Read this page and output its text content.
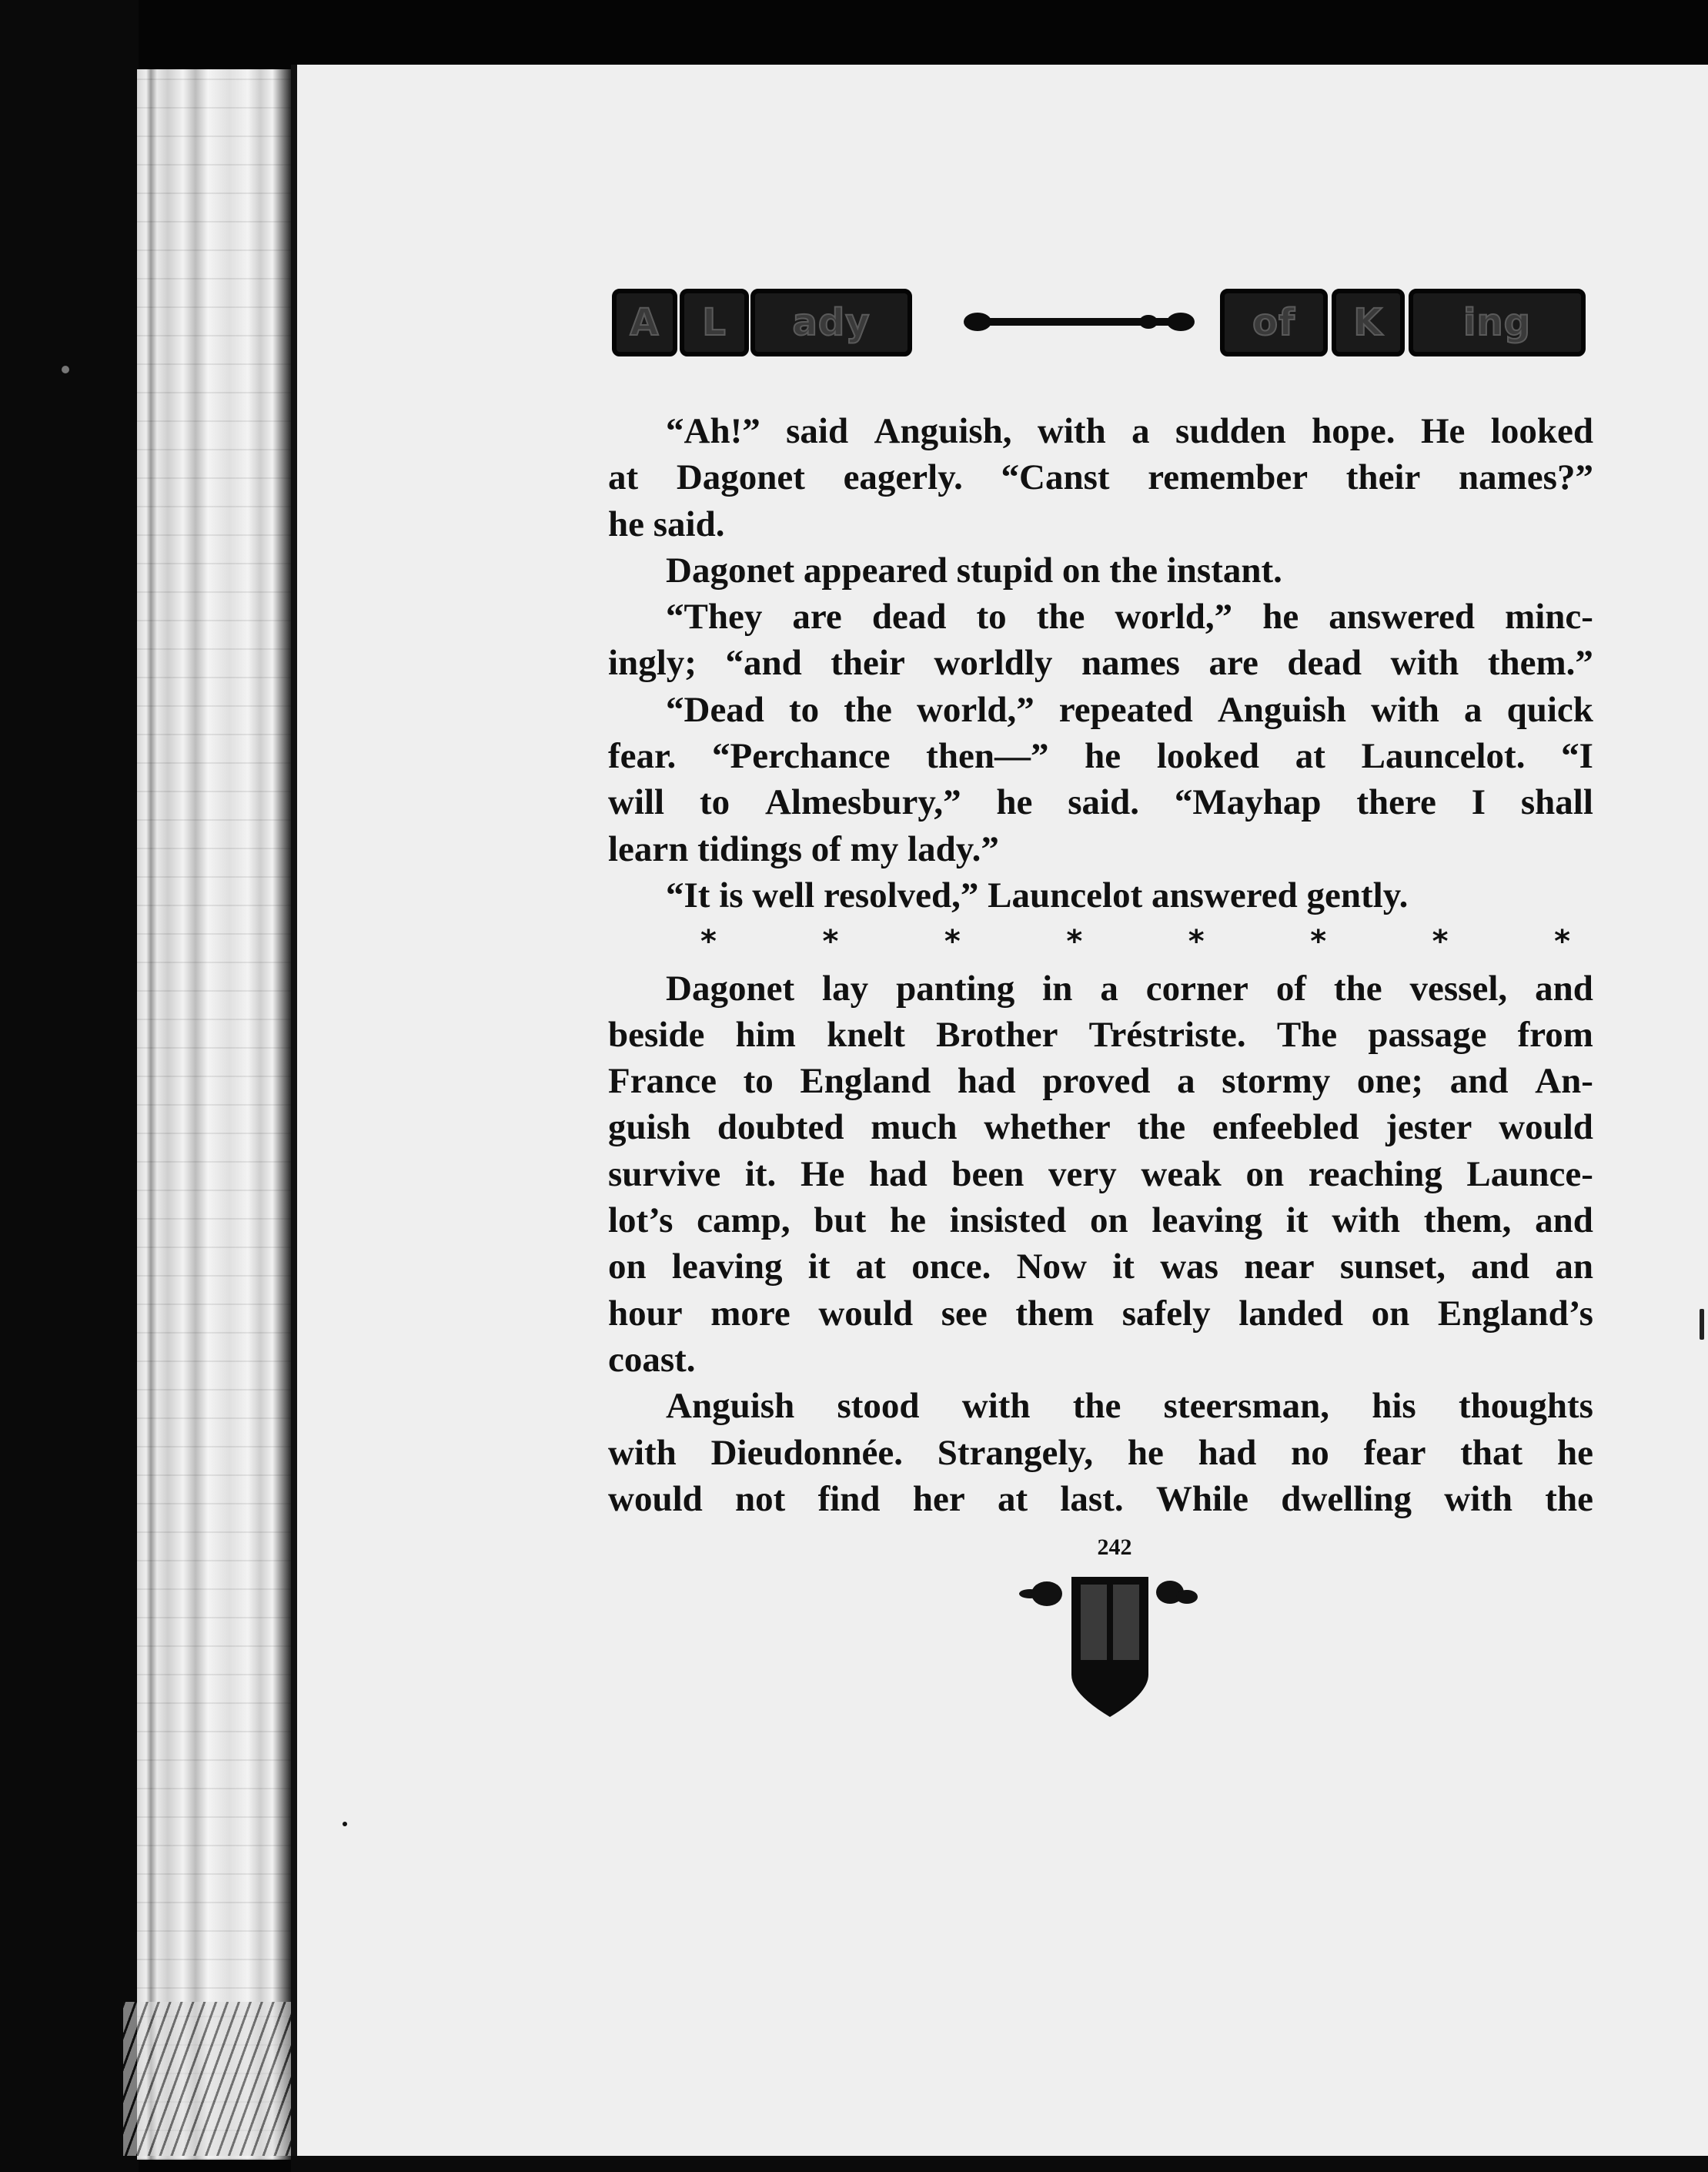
A L ady	of K ing
“Ah!” said Anguish, with a sudden hope. He looked
at Dagonet eagerly. “Canst remember their names?”
he said.
Dagonet appeared stupid on the instant.
“They are dead to the world,” he answered minc-
ingly; “and their worldly names are dead with them.”
“Dead to the world,” repeated Anguish with a quick
fear. “Perchance then—” he looked at Launcelot. “I
will to Almesbury,” he said. “Mayhap there I shall
learn tidings of my lady.”
“It is well resolved,” Launcelot answered gently.
*	*	*	*	*	*	*	*
Dagonet lay panting in a corner of the vessel, and
beside him knelt Brother Tréstriste. The passage from
France to England had proved a stormy one; and An-
guish doubted much whether the enfeebled jester would
survive it. He had been very weak on reaching Launce-
lot’s camp, but he insisted on leaving it with them, and
on leaving it at once. Now it was near sunset, and an
hour more would see them safely landed on England’s
coast.
Anguish stood with the steersman, his thoughts
with Dieudonnée. Strangely, he had no fear that he
would not find her at last. While dwelling with the
242
